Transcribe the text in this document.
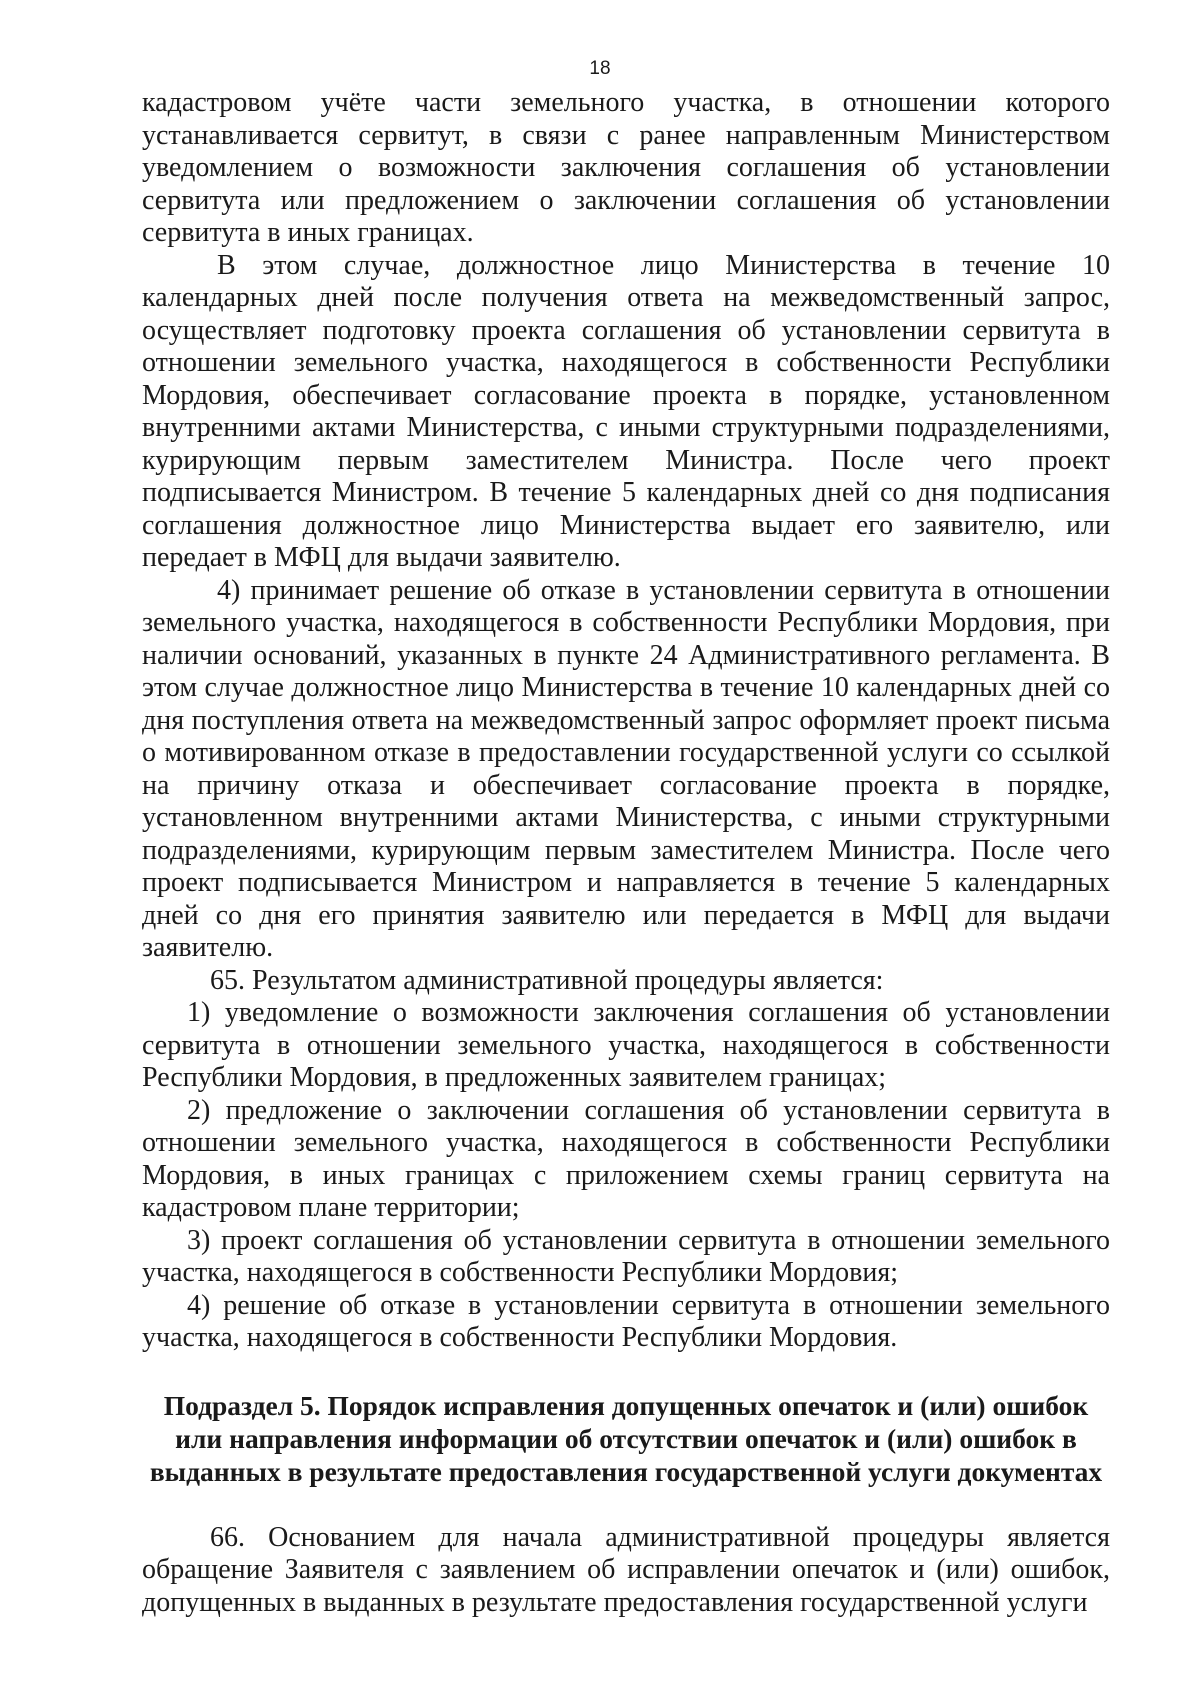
18

кадастровом учёте части земельного участка, в отношении которого устанавливается сервитут, в связи с ранее направленным Министерством уведомлением о возможности заключения соглашения об установлении сервитута или предложением о заключении соглашения об установлении сервитута в иных границах.

В этом случае, должностное лицо Министерства в течение 10 календарных дней после получения ответа на межведомственный запрос, осуществляет подготовку проекта соглашения об установлении сервитута в отношении земельного участка, находящегося в собственности Республики Мордовия, обеспечивает согласование проекта в порядке, установленном внутренними актами Министерства, с иными структурными подразделениями, курирующим первым заместителем Министра. После чего проект подписывается Министром. В течение 5 календарных дней со дня подписания соглашения должностное лицо Министерства выдает его заявителю, или передает в МФЦ для выдачи заявителю.

4) принимает решение об отказе в установлении сервитута в отношении земельного участка, находящегося в собственности Республики Мордовия, при наличии оснований, указанных в пункте 24 Административного регламента. В этом случае должностное лицо Министерства в течение 10 календарных дней со дня поступления ответа на межведомственный запрос оформляет проект письма о мотивированном отказе в предоставлении государственной услуги со ссылкой на причину отказа и обеспечивает согласование проекта в порядке, установленном внутренними актами Министерства, с иными структурными подразделениями, курирующим первым заместителем Министра. После чего проект подписывается Министром и направляется в течение 5 календарных дней со дня его принятия заявителю или передается в МФЦ для выдачи заявителю.

65. Результатом административной процедуры является:

1) уведомление о возможности заключения соглашения об установлении сервитута в отношении земельного участка, находящегося в собственности Республики Мордовия, в предложенных заявителем границах;

2) предложение о заключении соглашения об установлении сервитута в отношении земельного участка, находящегося в собственности Республики Мордовия, в иных границах с приложением схемы границ сервитута на кадастровом плане территории;

3) проект соглашения об установлении сервитута в отношении земельного участка, находящегося в собственности Республики Мордовия;

4) решение об отказе в установлении сервитута в отношении земельного участка, находящегося в собственности Республики Мордовия.

Подраздел 5. Порядок исправления допущенных опечаток и (или) ошибок или направления информации об отсутствии опечаток и (или) ошибок в выданных в результате предоставления государственной услуги документах

66. Основанием для начала административной процедуры является обращение Заявителя с заявлением об исправлении опечаток и (или) ошибок, допущенных в выданных в результате предоставления государственной услуги
